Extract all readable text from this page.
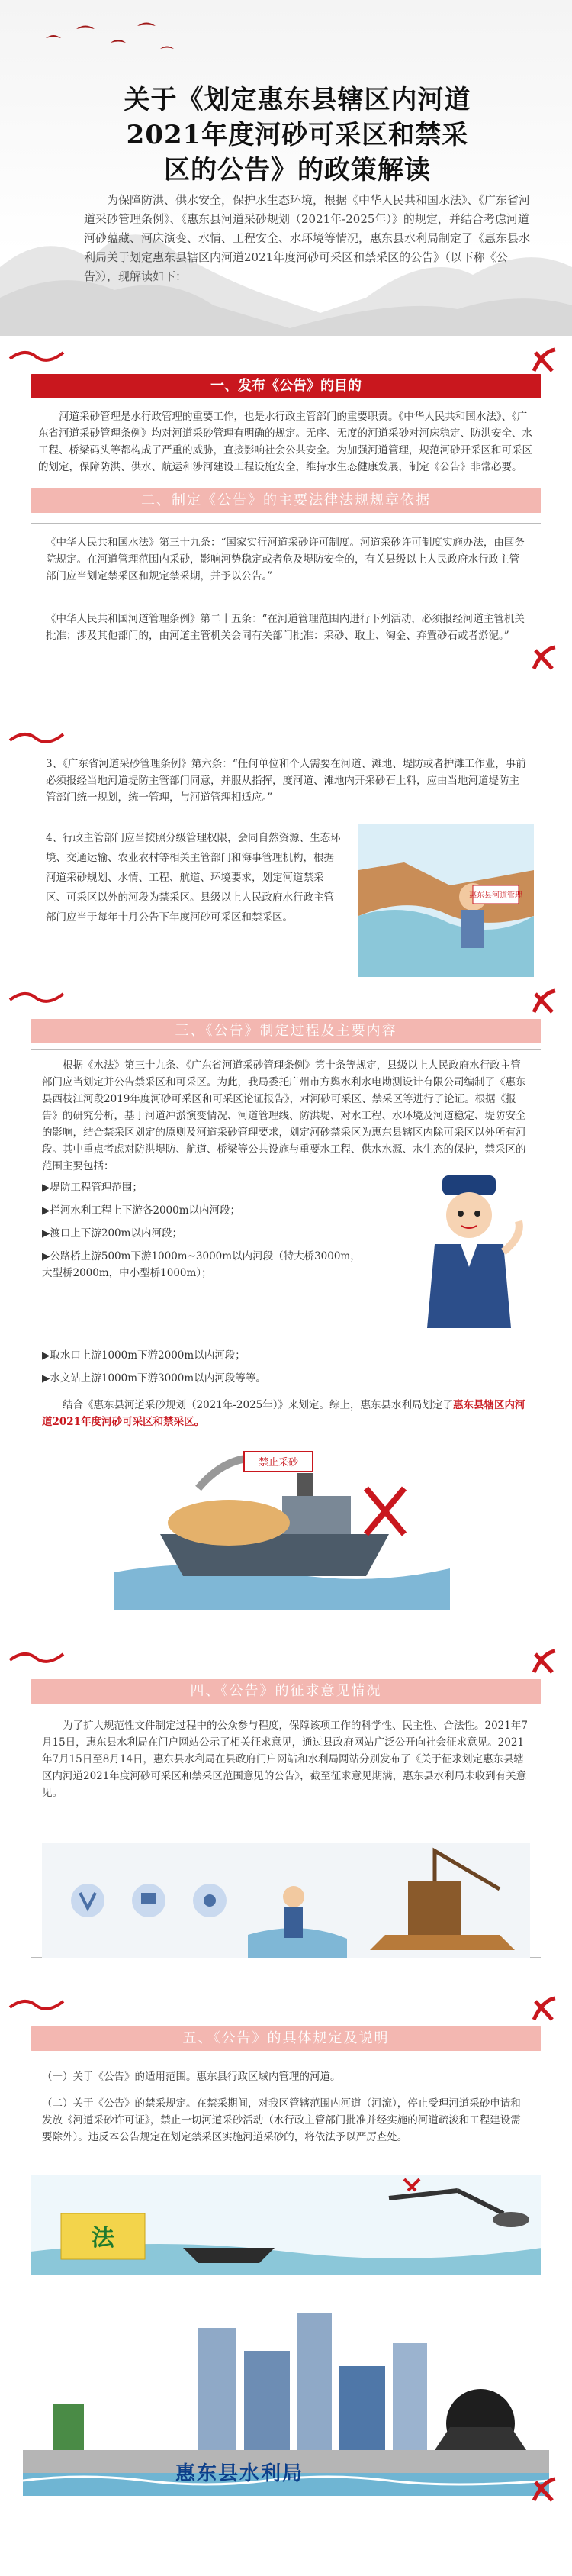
关于《划定惠东县辖区内河道
2021年度河砂可采区和禁采
区的公告》的政策解读
为保障防洪、供水安全，保护水生态环境，根据《中华人民共和国水法》、《广东省河道采砂管理条例》、《惠东县河道采砂规划（2021年-2025年）》的规定，并结合考虑河道河砂蕴藏、河床演变、水情、工程安全、水环境等情况，惠东县水利局制定了《惠东县水利局关于划定惠东县辖区内河道2021年度河砂可采区和禁采区的公告》（以下称《公告》），现解读如下：
一、发布《公告》的目的
河道采砂管理是水行政管理的重要工作，也是水行政主管部门的重要职责。《中华人民共和国水法》、《广东省河道采砂管理条例》均对河道采砂管理有明确的规定。无序、无度的河道采砂对河床稳定、防洪安全、水工程、桥梁码头等都构成了严重的威胁，直接影响社会公共安全。为加强河道管理，规范河砂开采区和可采区的划定，保障防洪、供水、航运和涉河建设工程设施安全，维持水生态健康发展，制定《公告》非常必要。
二、制定《公告》的主要法律法规规章依据
《中华人民共和国水法》第三十九条：“国家实行河道采砂许可制度。河道采砂许可制度实施办法，由国务院规定。在河道管理范围内采砂，影响河势稳定或者危及堤防安全的，有关县级以上人民政府水行政主管部门应当划定禁采区和规定禁采期，并予以公告。”
《中华人民共和国河道管理条例》第二十五条：“在河道管理范围内进行下列活动，必须报经河道主管机关批准；涉及其他部门的，由河道主管机关会同有关部门批准：采砂、取土、淘金、弃置砂石或者淤泥。”
3、《广东省河道采砂管理条例》第六条：“任何单位和个人需要在河道、滩地、堤防或者护滩工作业，事前必须报经当地河道堤防主管部门同意，并服从指挥，度河道、滩地内开采砂石土料，应由当地河道堤防主管部门统一规划，统一管理，与河道管理相适应。”
4、行政主管部门应当按照分级管理权限，会同自然资源、生态环境、交通运输、农业农村等相关主管部门和海事管理机构，根据河道采砂规划、水情、工程、航道、环境要求，划定河道禁采区、可采区以外的河段为禁采区。县级以上人民政府水行政主管部门应当于每年十月公告下年度河砂可采区和禁采区。
惠东县河道管理
三、《公告》制定过程及主要内容
根据《水法》第三十九条、《广东省河道采砂管理条例》第十条等规定，县级以上人民政府水行政主管部门应当划定并公告禁采区和可采区。为此，我局委托广州市方舆水利水电勘测设计有限公司编制了《惠东县西枝江河段2019年度河砂可采区和可采区论证报告》，对河砂可采区、禁采区等进行了论证。根据《报告》的研究分析，基于河道冲淤演变情况、河道管理线、防洪堤、对水工程、水环境及河道稳定、堤防安全的影响，结合禁采区划定的原则及河道采砂管理要求，划定河砂禁采区为惠东县辖区内除可采区以外所有河段。其中重点考虑对防洪堤防、航道、桥梁等公共设施与重要水工程、供水水源、水生态的保护，禁采区的范围主要包括：
▶堤防工程管理范围；
▶拦河水利工程上下游各2000m以内河段；
▶渡口上下游200m以内河段；
▶公路桥上游500m下游1000m~3000m以内河段（特大桥3000m，大型桥2000m，中小型桥1000m）；
▶取水口上游1000m下游2000m以内河段；
▶水文站上游1000m下游3000m以内河段等等。
结合《惠东县河道采砂规划（2021年-2025年）》来划定。综上，惠东县水利局划定了惠东县辖区内河道2021年度河砂可采区和禁采区。
禁止采砂
四、《公告》的征求意见情况
为了扩大规范性文件制定过程中的公众参与程度，保障该项工作的科学性、民主性、合法性。2021年7月15日，惠东县水利局在门户网站公示了相关征求意见，通过县政府网站广泛公开向社会征求意见。2021年7月15日至8月14日，惠东县水利局在县政府门户网站和水利局网站分别发布了《关于征求划定惠东县辖区内河道2021年度河砂可采区和禁采区范围意见的公告》，截至征求意见期满，惠东县水利局未收到有关意见。
五、《公告》的具体规定及说明
（一）关于《公告》的适用范围。惠东县行政区域内管理的河道。
（二）关于《公告》的禁采规定。在禁采期间，对我区管辖范围内河道（河流），停止受理河道采砂申请和发放《河道采砂许可证》，禁止一切河道采砂活动（水行政主管部门批准并经实施的河道疏浚和工程建设需要除外）。违反本公告规定在划定禁采区实施河道采砂的，将依法予以严厉查处。
法
惠东县水利局
